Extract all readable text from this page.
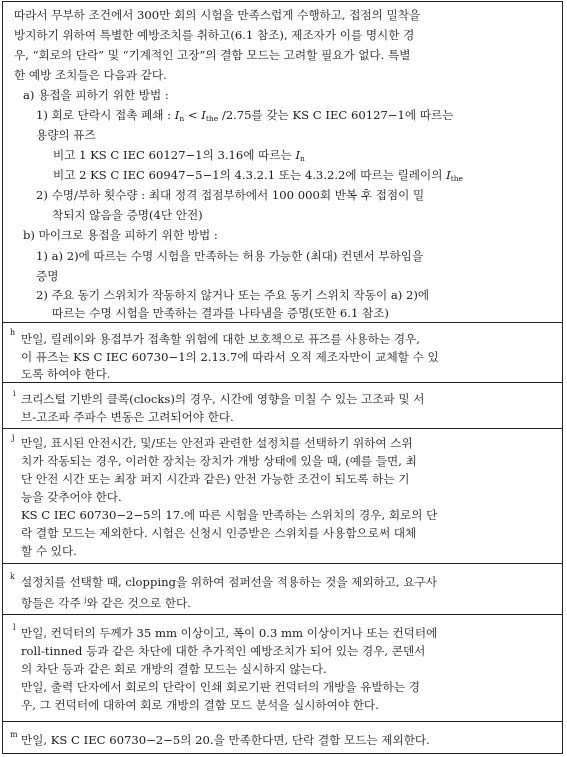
따라서 무부하 조건에서 300만 회의 시험을 만족스럽게 수행하고, 접점의 밀착을
방지하기 위하여 특별한 예방조치를 취하고(6.1 참조), 제조자가 이를 명시한 경
우, “회로의 단락” 및 “기계적인 고장”의 결함 모드는 고려할 필요가 없다. 특별
한 예방 조치들은 다음과 같다.
a) 용접을 피하기 위한 방법 :
1) 회로 단락시 접촉 폐쇄 : $I_n < I_{the}$ /2.75를 갖는 KS C IEC 60127−1에 따르는
용량의 퓨즈
비고 1 KS C IEC 60127−1의 3.16에 따르는 $I_n$
비고 2 KS C IEC 60947−5−1의 4.3.2.1 또는 4.3.2.2에 따르는 릴레이의 $I_{the}$
2) 수명/부하 횟수량 : 최대 정격 접점부하에서 100 000회 반복 후 접점이 밀
착되지 않음을 증명(4단 안전)
b) 마이크로 용접을 피하기 위한 방법 :
1) a) 2)에 따르는 수명 시험을 만족하는 허용 가능한 (최대) 컨덴서 부하임을
증명
2) 주요 동기 스위치가 작동하지 않거나 또는 주요 동기 스위치 작동이 a) 2)에
따르는 수명 시험을 만족하는 결과를 나타냄을 증명(또한 6.1 참조)
h 만일, 릴레이와 용접부가 접촉할 위험에 대한 보호책으로 퓨즈를 사용하는 경우,
이 퓨즈는 KS C IEC 60730−1의 2.13.7에 따라서 오직 제조자만이 교체할 수 있
도록 하여야 한다.
i 크리스털 기반의 클록(clocks)의 경우, 시간에 영향을 미칠 수 있는 고조파 및 서
브-고조파 주파수 변동은 고려되어야 한다.
j 만일, 표시된 안전시간, 및/또는 안전과 관련한 설정치를 선택하기 위하여 스위
치가 작동되는 경우, 이러한 장치는 장치가 개방 상태에 있을 때, (예를 들면, 최
단 안전 시간 또는 최장 퍼지 시간과 같은) 안전 가능한 조건이 되도록 하는 기
능을 갖추어야 한다.
KS C IEC 60730−2−5의 17.에 따른 시험을 만족하는 스위치의 경우, 회로의 단
락 결함 모드는 제외한다. 시험은 신청시 인증받은 스위치를 사용함으로써 대체
할 수 있다.
k 설정치를 선택할 때, clopping을 위하여 점퍼선을 적용하는 것을 제외하고, 요구사
항들은 각주 $^j$와 같은 것으로 한다.
l 만일, 컨덕터의 두께가 35 mm 이상이고, 폭이 0.3 mm 이상이거나 또는 컨덕터에
roll-tinned 등과 같은 차단에 대한 추가적인 예방조치가 되어 있는 경우, 콘덴서
의 차단 등과 같은 회로 개방의 결함 모드는 실시하지 않는다.
만일, 출력 단자에서 회로의 단락이 인쇄 회로기판 컨덕터의 개방을 유발하는 경
우, 그 컨덕터에 대하여 회로 개방의 결함 모드 분석을 실시하여야 한다.
m 만일, KS C IEC 60730−2−5의 20.을 만족한다면, 단락 결함 모드는 제외한다.
